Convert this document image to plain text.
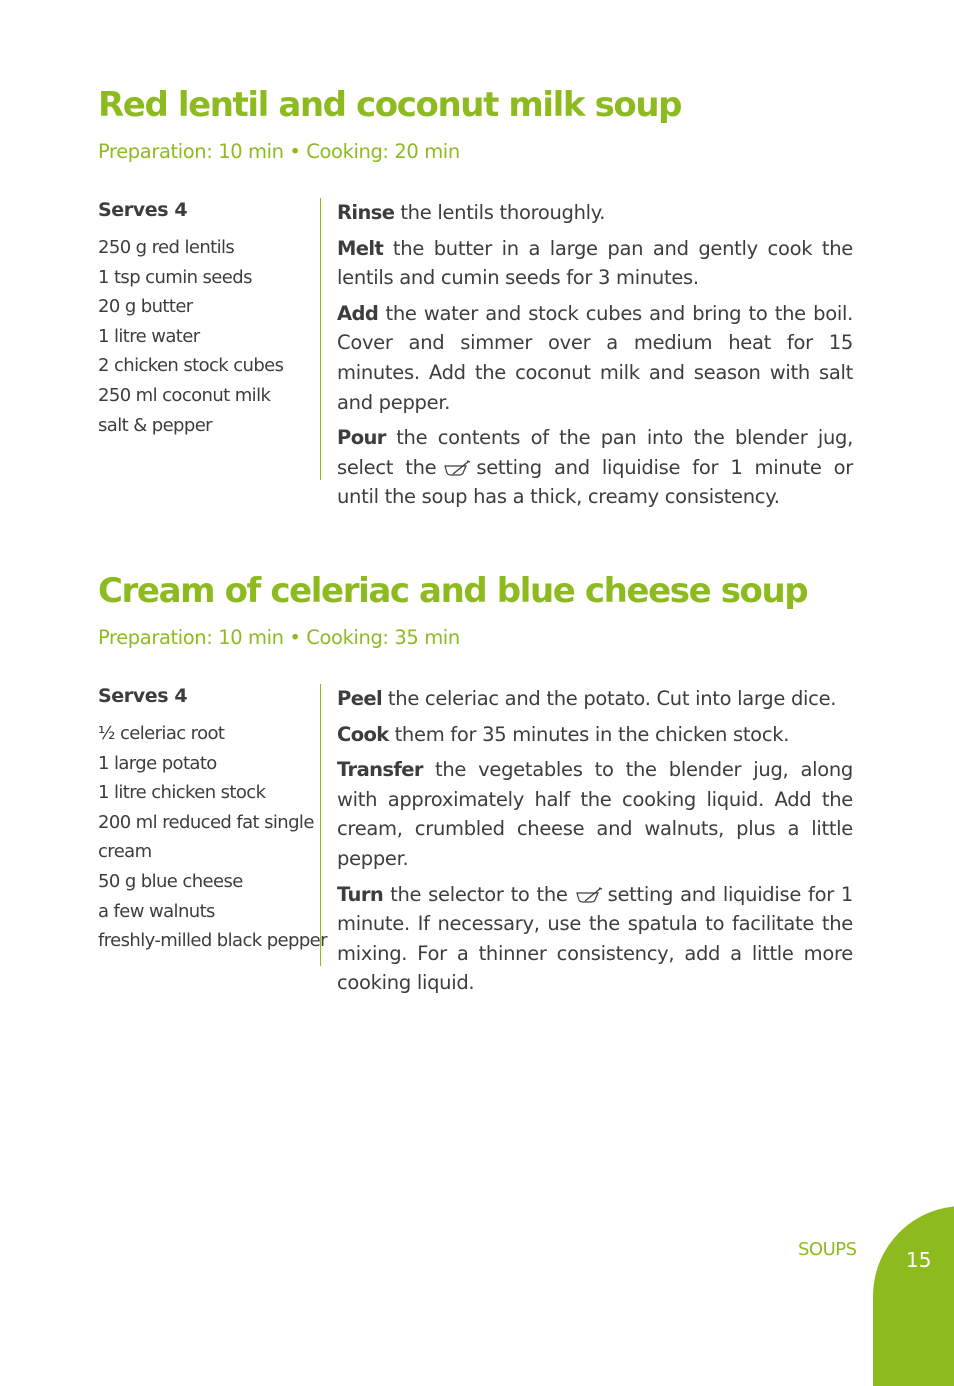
Red lentil and coconut milk soup
Preparation: 10 min • Cooking: 20 min
Serves 4
250 g red lentils
1 tsp cumin seeds
20 g butter
1 litre water
2 chicken stock cubes
250 ml coconut milk
salt & pepper

Rinse the lentils thoroughly.

Melt the butter in a large pan and gently cook the lentils and cumin seeds for 3 minutes.

Add the water and stock cubes and bring to the boil. Cover and simmer over a medium heat for 15 minutes. Add the coconut milk and season with salt and pepper.

Pour the contents of the pan into the blender jug, select the setting and liquidise for 1 minute or until the soup has a thick, creamy consistency.

Cream of celeriac and blue cheese soup
Preparation: 10 min • Cooking: 35 min
Serves 4
½ celeriac root
1 large potato
1 litre chicken stock
200 ml reduced fat single cream
50 g blue cheese
a few walnuts
freshly-milled black pepper

Peel the celeriac and the potato. Cut into large dice.

Cook them for 35 minutes in the chicken stock.

Transfer the vegetables to the blender jug, along with approximately half the cooking liquid. Add the cream, crumbled cheese and walnuts, plus a little pepper.

Turn the selector to the setting and liquidise for 1 minute. If necessary, use the spatula to facilitate the mixing. For a thinner consistency, add a little more cooking liquid.

SOUPS 15
